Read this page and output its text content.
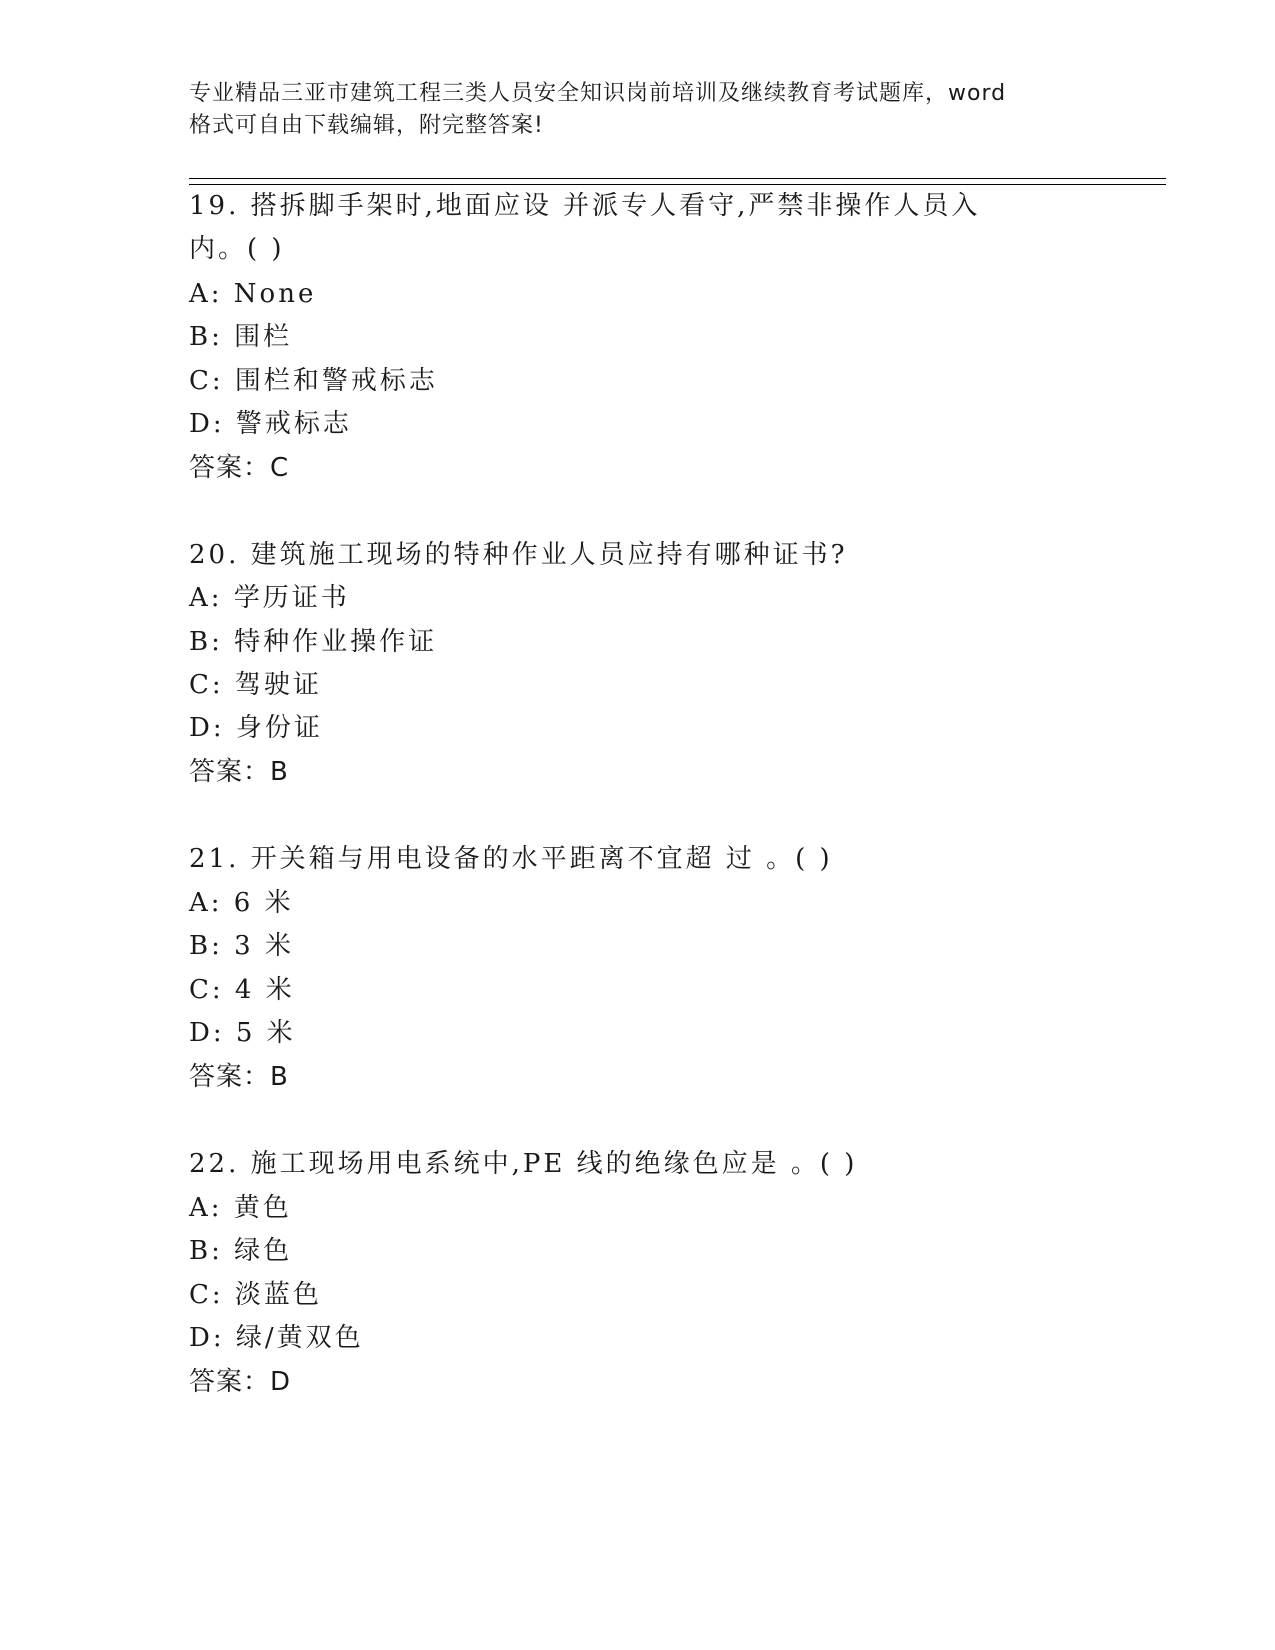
专业精品三亚市建筑工程三类人员安全知识岗前培训及继续教育考试题库，word
格式可自由下载编辑，附完整答案!
19. 搭拆脚手架时,地面应设 并派专人看守,严禁非操作人员入
内。( )
A: None
B: 围栏
C: 围栏和警戒标志
D: 警戒标志
答案：C
20. 建筑施工现场的特种作业人员应持有哪种证书?
A: 学历证书
B: 特种作业操作证
C: 驾驶证
D: 身份证
答案：B
21. 开关箱与用电设备的水平距离不宜超 过 。( )
A: 6 米
B: 3 米
C: 4 米
D: 5 米
答案：B
22. 施工现场用电系统中,PE 线的绝缘色应是 。( )
A: 黄色
B: 绿色
C: 淡蓝色
D: 绿/黄双色
答案：D
